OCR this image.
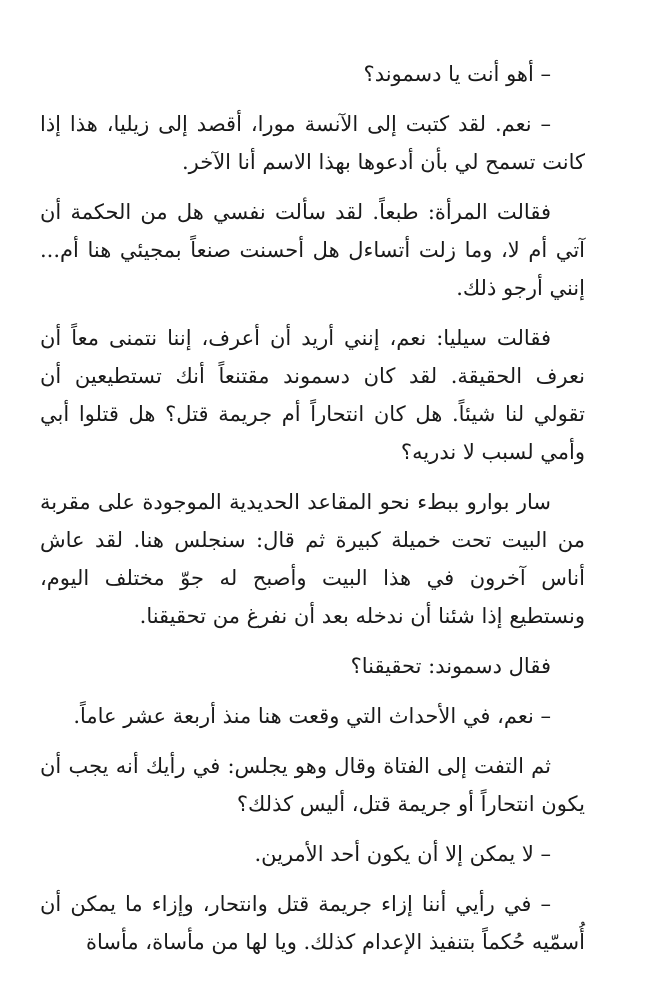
– أهو أنت يا دسموند؟

– نعم. لقد كتبت إلى الآنسة مورا، أقصد إلى زيليا، هذا إذا كانت تسمح لي بأن أدعوها بهذا الاسم أنا الآخر.

فقالت المرأة: طبعاً. لقد سألت نفسي هل من الحكمة أن آتي أم لا، وما زلت أتساءل هل أحسنت صنعاً بمجيئي هنا أم... إنني أرجو ذلك.

فقالت سيليا: نعم، إنني أريد أن أعرف، إننا نتمنى معاً أن نعرف الحقيقة. لقد كان دسموند مقتنعاً أنك تستطيعين أن تقولي لنا شيئاً. هل كان انتحاراً أم جريمة قتل؟ هل قتلوا أبي وأمي لسبب لا ندريه؟

سار بوارو ببطء نحو المقاعد الحديدية الموجودة على مقربة من البيت تحت خميلة كبيرة ثم قال: سنجلس هنا. لقد عاش أناس آخرون في هذا البيت وأصبح له جوّ مختلف اليوم، ونستطيع إذا شئنا أن ندخله بعد أن نفرغ من تحقيقنا.

فقال دسموند: تحقيقنا؟

– نعم، في الأحداث التي وقعت هنا منذ أربعة عشر عاماً.

ثم التفت إلى الفتاة وقال وهو يجلس: في رأيك أنه يجب أن يكون انتحاراً أو جريمة قتل، أليس كذلك؟

– لا يمكن إلا أن يكون أحد الأمرين.

– في رأيي أننا إزاء جريمة قتل وانتحار، وإزاء ما يمكن أن أُسمّيه حُكماً بتنفيذ الإعدام كذلك. ويا لها من مأساة، مأساة
